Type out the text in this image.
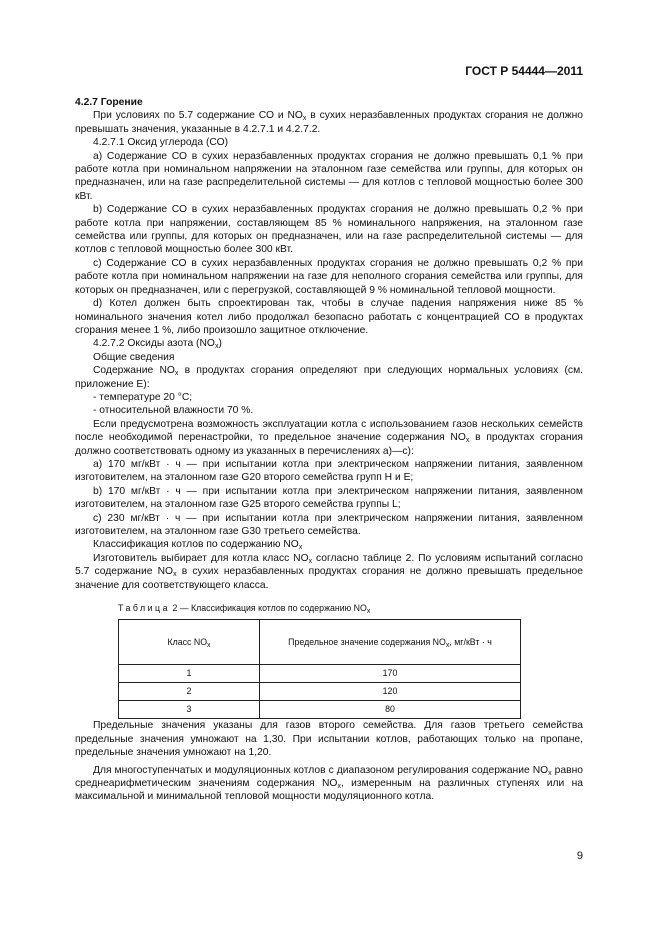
ГОСТ Р 54444—2011

4.2.7 Горение

При условиях по 5.7 содержание СО и $NO_x$ в сухих неразбавленных продуктах сгорания не должно превышать значения, указанные в 4.2.7.1 и 4.2.7.2.

4.2.7.1 Оксид углерода (СО)

а) Содержание СО в сухих неразбавленных продуктах сгорания не должно превышать 0,1 % при работе котла при номинальном напряжении на эталонном газе семейства или группы, для которых он предназначен, или на газе распределительной системы — для котлов с тепловой мощностью более 300 кВт.

b) Содержание СО в сухих неразбавленных продуктах сгорания не должно превышать 0,2 % при работе котла при напряжении, составляющем 85 % номинального напряжения, на эталонном газе семейства или группы, для которых он предназначен, или на газе распределительной системы — для котлов с тепловой мощностью более 300 кВт.

с) Содержание СО в сухих неразбавленных продуктах сгорания не должно превышать 0,2 % при работе котла при номинальном напряжении на газе для неполного сгорания семейства или группы, для которых он предназначен, или с перегрузкой, составляющей 9 % номинальной тепловой мощности.

d) Котел должен быть спроектирован так, чтобы в случае падения напряжения ниже 85 % номинального значения котел либо продолжал безопасно работать с концентрацией СО в продуктах сгорания менее 1 %, либо произошло защитное отключение.

4.2.7.2 Оксиды азота $(NO_x)$

Общие сведения

Содержание $NO_x$ в продуктах сгорания определяют при следующих нормальных условиях (см. приложение Е):

- температуре 20 °С;

- относительной влажности 70 %.

Если предусмотрена возможность эксплуатации котла с использованием газов нескольких семейств после необходимой перенастройки, то предельное значение содержания $NO_x$ в продуктах сгорания должно соответствовать одному из указанных в перечислениях а)—с):

а) 170 мг/кВт · ч — при испытании котла при электрическом напряжении питания, заявленном изготовителем, на эталонном газе G20 второго семейства групп Н и Е;

b) 170 мг/кВт · ч — при испытании котла при электрическом напряжении питания, заявленном изготовителем, на эталонном газе G25 второго семейства группы L;

с) 230 мг/кВт · ч — при испытании котла при электрическом напряжении питания, заявленном изготовителем, на эталонном газе G30 третьего семейства.

Классификация котлов по содержанию $NO_x$

Изготовитель выбирает для котла класс $NO_x$ согласно таблице 2. По условиям испытаний согласно 5.7 содержание $NO_x$ в сухих неразбавленных продуктах сгорания не должно превышать предельное значение для соответствующего класса.

Таблица 2 — Классификация котлов по содержанию $NO_x$
Класс $NO_x$	Предельное значение содержания $NO_x$, мг/кВт · ч
1	170
2	120
3	80

Предельные значения указаны для газов второго семейства. Для газов третьего семейства предельные значения умножают на 1,30. При испытании котлов, работающих только на пропане, предельные значения умножают на 1,20.

Для многоступенчатых и модуляционных котлов с диапазоном регулирования содержание $NO_x$ равно среднеарифметическим значениям содержания $NO_x$, измеренным на различных ступенях или на максимальной и минимальной тепловой мощности модуляционного котла.

9
